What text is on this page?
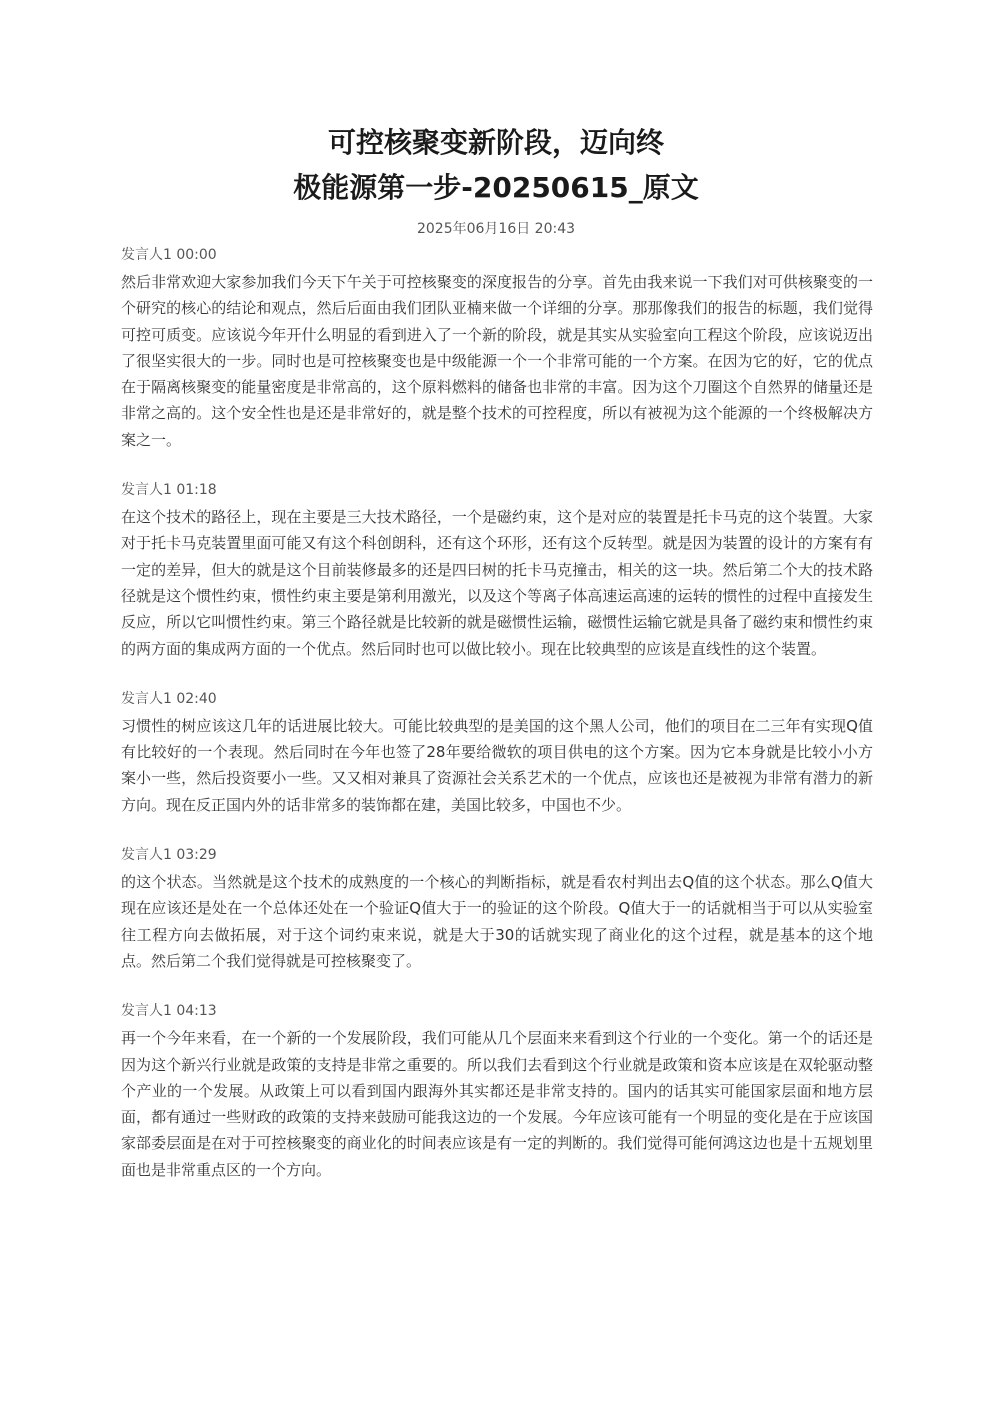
可控核聚变新阶段，迈向终
极能源第一步-20250615_原文
2025年06月16日 20:43
发言人1 00:00

然后非常欢迎大家参加我们今天下午关于可控核聚变的深度报告的分享。首先由我来说一下我们对可供核聚变的一个研究的核心的结论和观点，然后后面由我们团队亚楠来做一个详细的分享。那那像我们的报告的标题，我们觉得可控可质变。应该说今年开什么明显的看到进入了一个新的阶段，就是其实从实验室向工程这个阶段，应该说迈出了很坚实很大的一步。同时也是可控核聚变也是中级能源一个一个非常可能的一个方案。在因为它的好，它的优点在于隔离核聚变的能量密度是非常高的，这个原料燃料的储备也非常的丰富。因为这个刀圈这个自然界的储量还是非常之高的。这个安全性也是还是非常好的，就是整个技术的可控程度，所以有被视为这个能源的一个终极解决方案之一。

发言人1 01:18

在这个技术的路径上，现在主要是三大技术路径，一个是磁约束，这个是对应的装置是托卡马克的这个装置。大家对于托卡马克装置里面可能又有这个科创朗科，还有这个环形，还有这个反转型。就是因为装置的设计的方案有有一定的差异，但大的就是这个目前装修最多的还是四曰树的托卡马克撞击，相关的这一块。然后第二个大的技术路径就是这个惯性约束，惯性约束主要是第利用激光，以及这个等离子体高速运高速的运转的惯性的过程中直接发生反应，所以它叫惯性约束。第三个路径就是比较新的就是磁惯性运输，磁惯性运输它就是具备了磁约束和惯性约束的两方面的集成两方面的一个优点。然后同时也可以做比较小。现在比较典型的应该是直线性的这个装置。

发言人1 02:40

习惯性的树应该这几年的话进展比较大。可能比较典型的是美国的这个黑人公司，他们的项目在二三年有实现Q值有比较好的一个表现。然后同时在今年也签了28年要给微软的项目供电的这个方案。因为它本身就是比较小小方案小一些，然后投资要小一些。又又相对兼具了资源社会关系艺术的一个优点，应该也还是被视为非常有潜力的新方向。现在反正国内外的话非常多的装饰都在建，美国比较多，中国也不少。

发言人1 03:29

的这个状态。当然就是这个技术的成熟度的一个核心的判断指标，就是看农村判出去Q值的这个状态。那么Q值大现在应该还是处在一个总体还处在一个验证Q值大于一的验证的这个阶段。Q值大于一的话就相当于可以从实验室往工程方向去做拓展，对于这个词约束来说，就是大于30的话就实现了商业化的这个过程，就是基本的这个地点。然后第二个我们觉得就是可控核聚变了。

发言人1 04:13

再一个今年来看，在一个新的一个发展阶段，我们可能从几个层面来来看到这个行业的一个变化。第一个的话还是因为这个新兴行业就是政策的支持是非常之重要的。所以我们去看到这个行业就是政策和资本应该是在双轮驱动整个产业的一个发展。从政策上可以看到国内跟海外其实都还是非常支持的。国内的话其实可能国家层面和地方层面，都有通过一些财政的政策的支持来鼓励可能我这边的一个发展。今年应该可能有一个明显的变化是在于应该国家部委层面是在对于可控核聚变的商业化的时间表应该是有一定的判断的。我们觉得可能何鸿这边也是十五规划里面也是非常重点区的一个方向。
